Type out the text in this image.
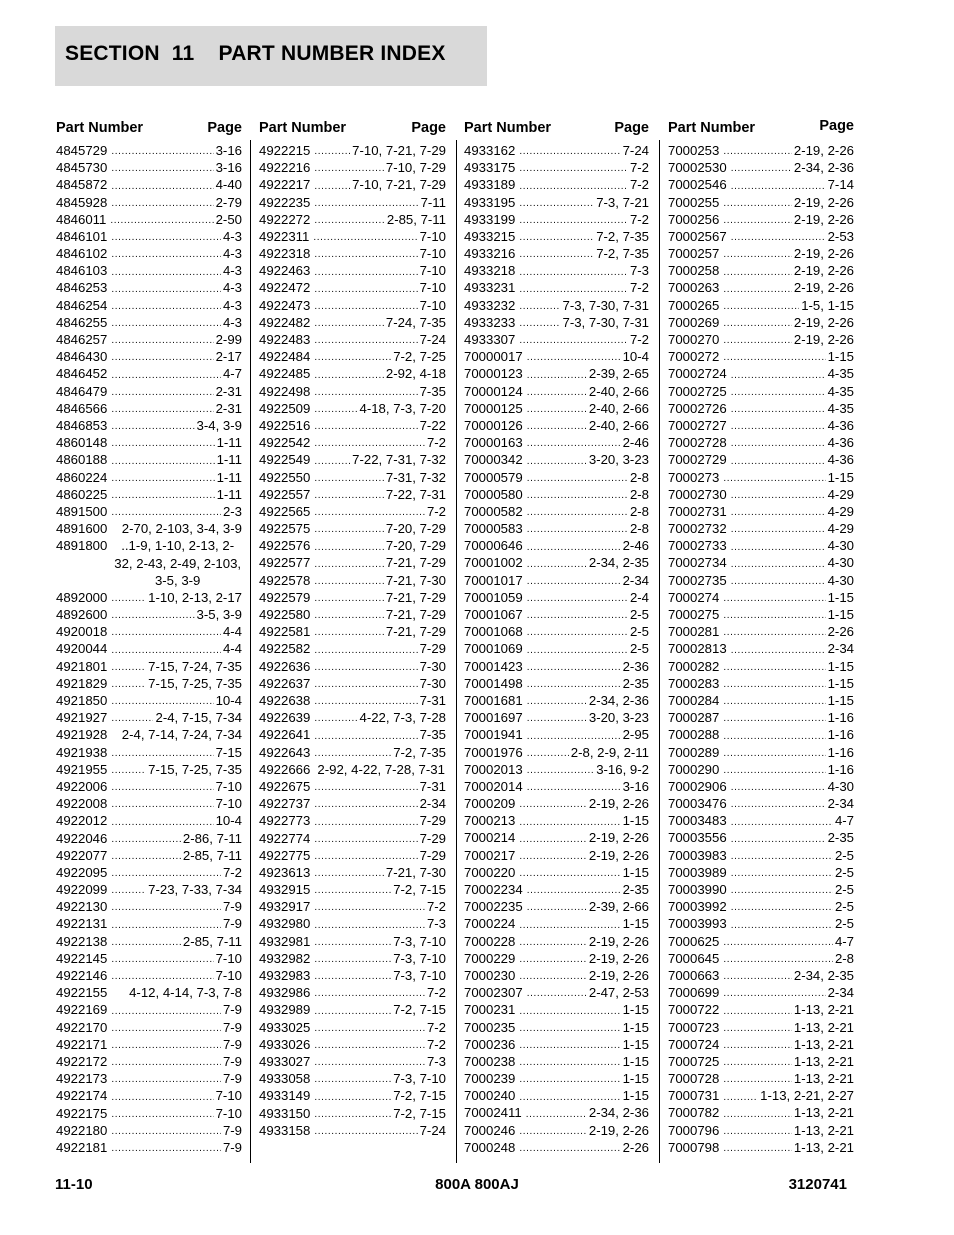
SECTION  11    PART NUMBER INDEX
Part Number	Page
4845729 .....	3-16
4845730 .....	3-16
4845872 .....	4-40
4845928 .....	2-79
4846011 .....	2-50
4846101 .....	4-3
4846102 .....	4-3
4846103 .....	4-3
4846253 .....	4-3
4846254 .....	4-3
4846255 .....	4-3
4846257 .....	2-99
4846430 .....	2-17
4846452 .....	4-7
4846479 .....	2-31
4846566 .....	2-31
4846853 .....	3-4, 3-9
4860148 .....	1-11
4860188 .....	1-11
4860224 .....	1-11
4860225 .....	1-11
4891500 .....	2-3
4891600 2-70, 2-103, 3-4, 3-9
4891800	..1-9, 1-10, 2-13, 2-32, 2-43, 2-49, 2-103, 3-5, 3-9
4892000 .....	1-10, 2-13, 2-17
4892600 .....	3-5, 3-9
4920018 .....	4-4
4920044 .....	4-4
4921801 .....	7-15, 7-24, 7-35
4921829 .....	7-15, 7-25, 7-35
4921850 .....	10-4
4921927 .....	2-4, 7-15, 7-34
4921928 2-4, 7-14, 7-24, 7-34
4921938 .....	7-15
4921955 .....	7-15, 7-25, 7-35
4922006 .....	7-10
4922008 .....	7-10
4922012 .....	10-4
4922046 .....	2-86, 7-11
4922077 .....	2-85, 7-11
4922095 .....	7-2
4922099 .....	7-23, 7-33, 7-34
4922130 .....	7-9
4922131 .....	7-9
4922138 .....	2-85, 7-11
4922145 .....	7-10
4922146 .....	7-10
4922155 4-12, 4-14, 7-3, 7-8
4922169 .....	7-9
4922170 .....	7-9
4922171 .....	7-9
4922172 .....	7-9
4922173 .....	7-9
4922174 .....	7-10
4922175 .....	7-10
4922180 .....	7-9
4922181 .....	7-9
Part Number	Page
4922215 .....	7-10, 7-21, 7-29
4922216 .....	7-10, 7-29
4922217 .....	7-10, 7-21, 7-29
4922235 .....	7-11
4922272 .....	2-85, 7-11
4922311 .....	7-10
4922318 .....	7-10
4922463 .....	7-10
4922472 .....	7-10
4922473 .....	7-10
4922482 .....	7-24, 7-35
4922483 .....	7-24
4922484 .....	7-2, 7-25
4922485 .....	2-92, 4-18
4922498 .....	7-35
4922509 .....	4-18, 7-3, 7-20
4922516 .....	7-22
4922542 .....	7-2
4922549 .....	7-22, 7-31, 7-32
4922550 .....	7-31, 7-32
4922557 .....	7-22, 7-31
4922565 .....	7-2
4922575 .....	7-20, 7-29
4922576 .....	7-20, 7-29
4922577 .....	7-21, 7-29
4922578 .....	7-21, 7-30
4922579 .....	7-21, 7-29
4922580 .....	7-21, 7-29
4922581 .....	7-21, 7-29
4922582 .....	7-29
4922636 .....	7-30
4922637 .....	7-30
4922638 .....	7-31
4922639 .....	4-22, 7-3, 7-28
4922641 .....	7-35
4922643 .....	7-2, 7-35
4922666 2-92, 4-22, 7-28, 7-31
4922675 .....	7-31
4922737 .....	2-34
4922773 .....	7-29
4922774 .....	7-29
4922775 .....	7-29
4923613 .....	7-21, 7-30
4932915 .....	7-2, 7-15
4932917 .....	7-2
4932980 .....	7-3
4932981 .....	7-3, 7-10
4932982 .....	7-3, 7-10
4932983 .....	7-3, 7-10
4932986 .....	7-2
4932989 .....	7-2, 7-15
4933025 .....	7-2
4933026 .....	7-2
4933027 .....	7-3
4933058 .....	7-3, 7-10
4933149 .....	7-2, 7-15
4933150 .....	7-2, 7-15
4933158 .....	7-24
Part Number	Page
4933162 .....	7-24
4933175 .....	7-2
4933189 .....	7-2
4933195 .....	7-3, 7-21
4933199 .....	7-2
4933215 .....	7-2, 7-35
4933216 .....	7-2, 7-35
4933218 .....	7-3
4933231 .....	7-2
4933232 .....	7-3, 7-30, 7-31
4933233 .....	7-3, 7-30, 7-31
4933307 .....	7-2
70000017 .....	10-4
70000123 .....	2-39, 2-65
70000124 .....	2-40, 2-66
70000125 .....	2-40, 2-66
70000126 .....	2-40, 2-66
70000163 .....	2-46
70000342 .....	3-20, 3-23
70000579 .....	2-8
70000580 .....	2-8
70000582 .....	2-8
70000583 .....	2-8
70000646 .....	2-46
70001002 .....	2-34, 2-35
70001017 .....	2-34
70001059 .....	2-4
70001067 .....	2-5
70001068 .....	2-5
70001069 .....	2-5
70001423 .....	2-36
70001498 .....	2-35
70001681 .....	2-34, 2-36
70001697 .....	3-20, 3-23
70001941 .....	2-95
70001976 .....	2-8, 2-9, 2-11
70002013 .....	3-16, 9-2
70002014 .....	3-16
7000209 .....	2-19, 2-26
7000213 .....	1-15
7000214 .....	2-19, 2-26
7000217 .....	2-19, 2-26
7000220 .....	1-15
70002234 .....	2-35
70002235 .....	2-39, 2-66
7000224 .....	1-15
7000228 .....	2-19, 2-26
7000229 .....	2-19, 2-26
7000230 .....	2-19, 2-26
70002307 .....	2-47, 2-53
7000231 .....	1-15
7000235 .....	1-15
7000236 .....	1-15
7000238 .....	1-15
7000239 .....	1-15
7000240 .....	1-15
70002411 .....	2-34, 2-36
7000246 .....	2-19, 2-26
7000248 .....	2-26
Part Number	Page
7000253 .....	2-19, 2-26
70002530 .....	2-34, 2-36
70002546 .....	7-14
7000255 .....	2-19, 2-26
7000256 .....	2-19, 2-26
70002567 .....	2-53
7000257 .....	2-19, 2-26
7000258 .....	2-19, 2-26
7000263 .....	2-19, 2-26
7000265 .....	1-5, 1-15
7000269 .....	2-19, 2-26
7000270 .....	2-19, 2-26
7000272 .....	1-15
70002724 .....	4-35
70002725 .....	4-35
70002726 .....	4-35
70002727 .....	4-36
70002728 .....	4-36
70002729 .....	4-36
7000273 .....	1-15
70002730 .....	4-29
70002731 .....	4-29
70002732 .....	4-29
70002733 .....	4-30
70002734 .....	4-30
70002735 .....	4-30
7000274 .....	1-15
7000275 .....	1-15
7000281 .....	2-26
70002813 .....	2-34
7000282 .....	1-15
7000283 .....	1-15
7000284 .....	1-15
7000287 .....	1-16
7000288 .....	1-16
7000289 .....	1-16
7000290 .....	1-16
70002906 .....	4-30
70003476 .....	2-34
70003483 .....	4-7
70003556 .....	2-35
70003983 .....	2-5
70003989 .....	2-5
70003990 .....	2-5
70003992 .....	2-5
70003993 .....	2-5
7000625 .....	4-7
7000645 .....	2-8
7000663 .....	2-34, 2-35
7000699 .....	2-34
7000722 .....	1-13, 2-21
7000723 .....	1-13, 2-21
7000724 .....	1-13, 2-21
7000725 .....	1-13, 2-21
7000728 .....	1-13, 2-21
7000731 .....	1-13, 2-21, 2-27
7000782 .....	1-13, 2-21
7000796 .....	1-13, 2-21
7000798 .....	1-13, 2-21
11-10	800A 800AJ	3120741
